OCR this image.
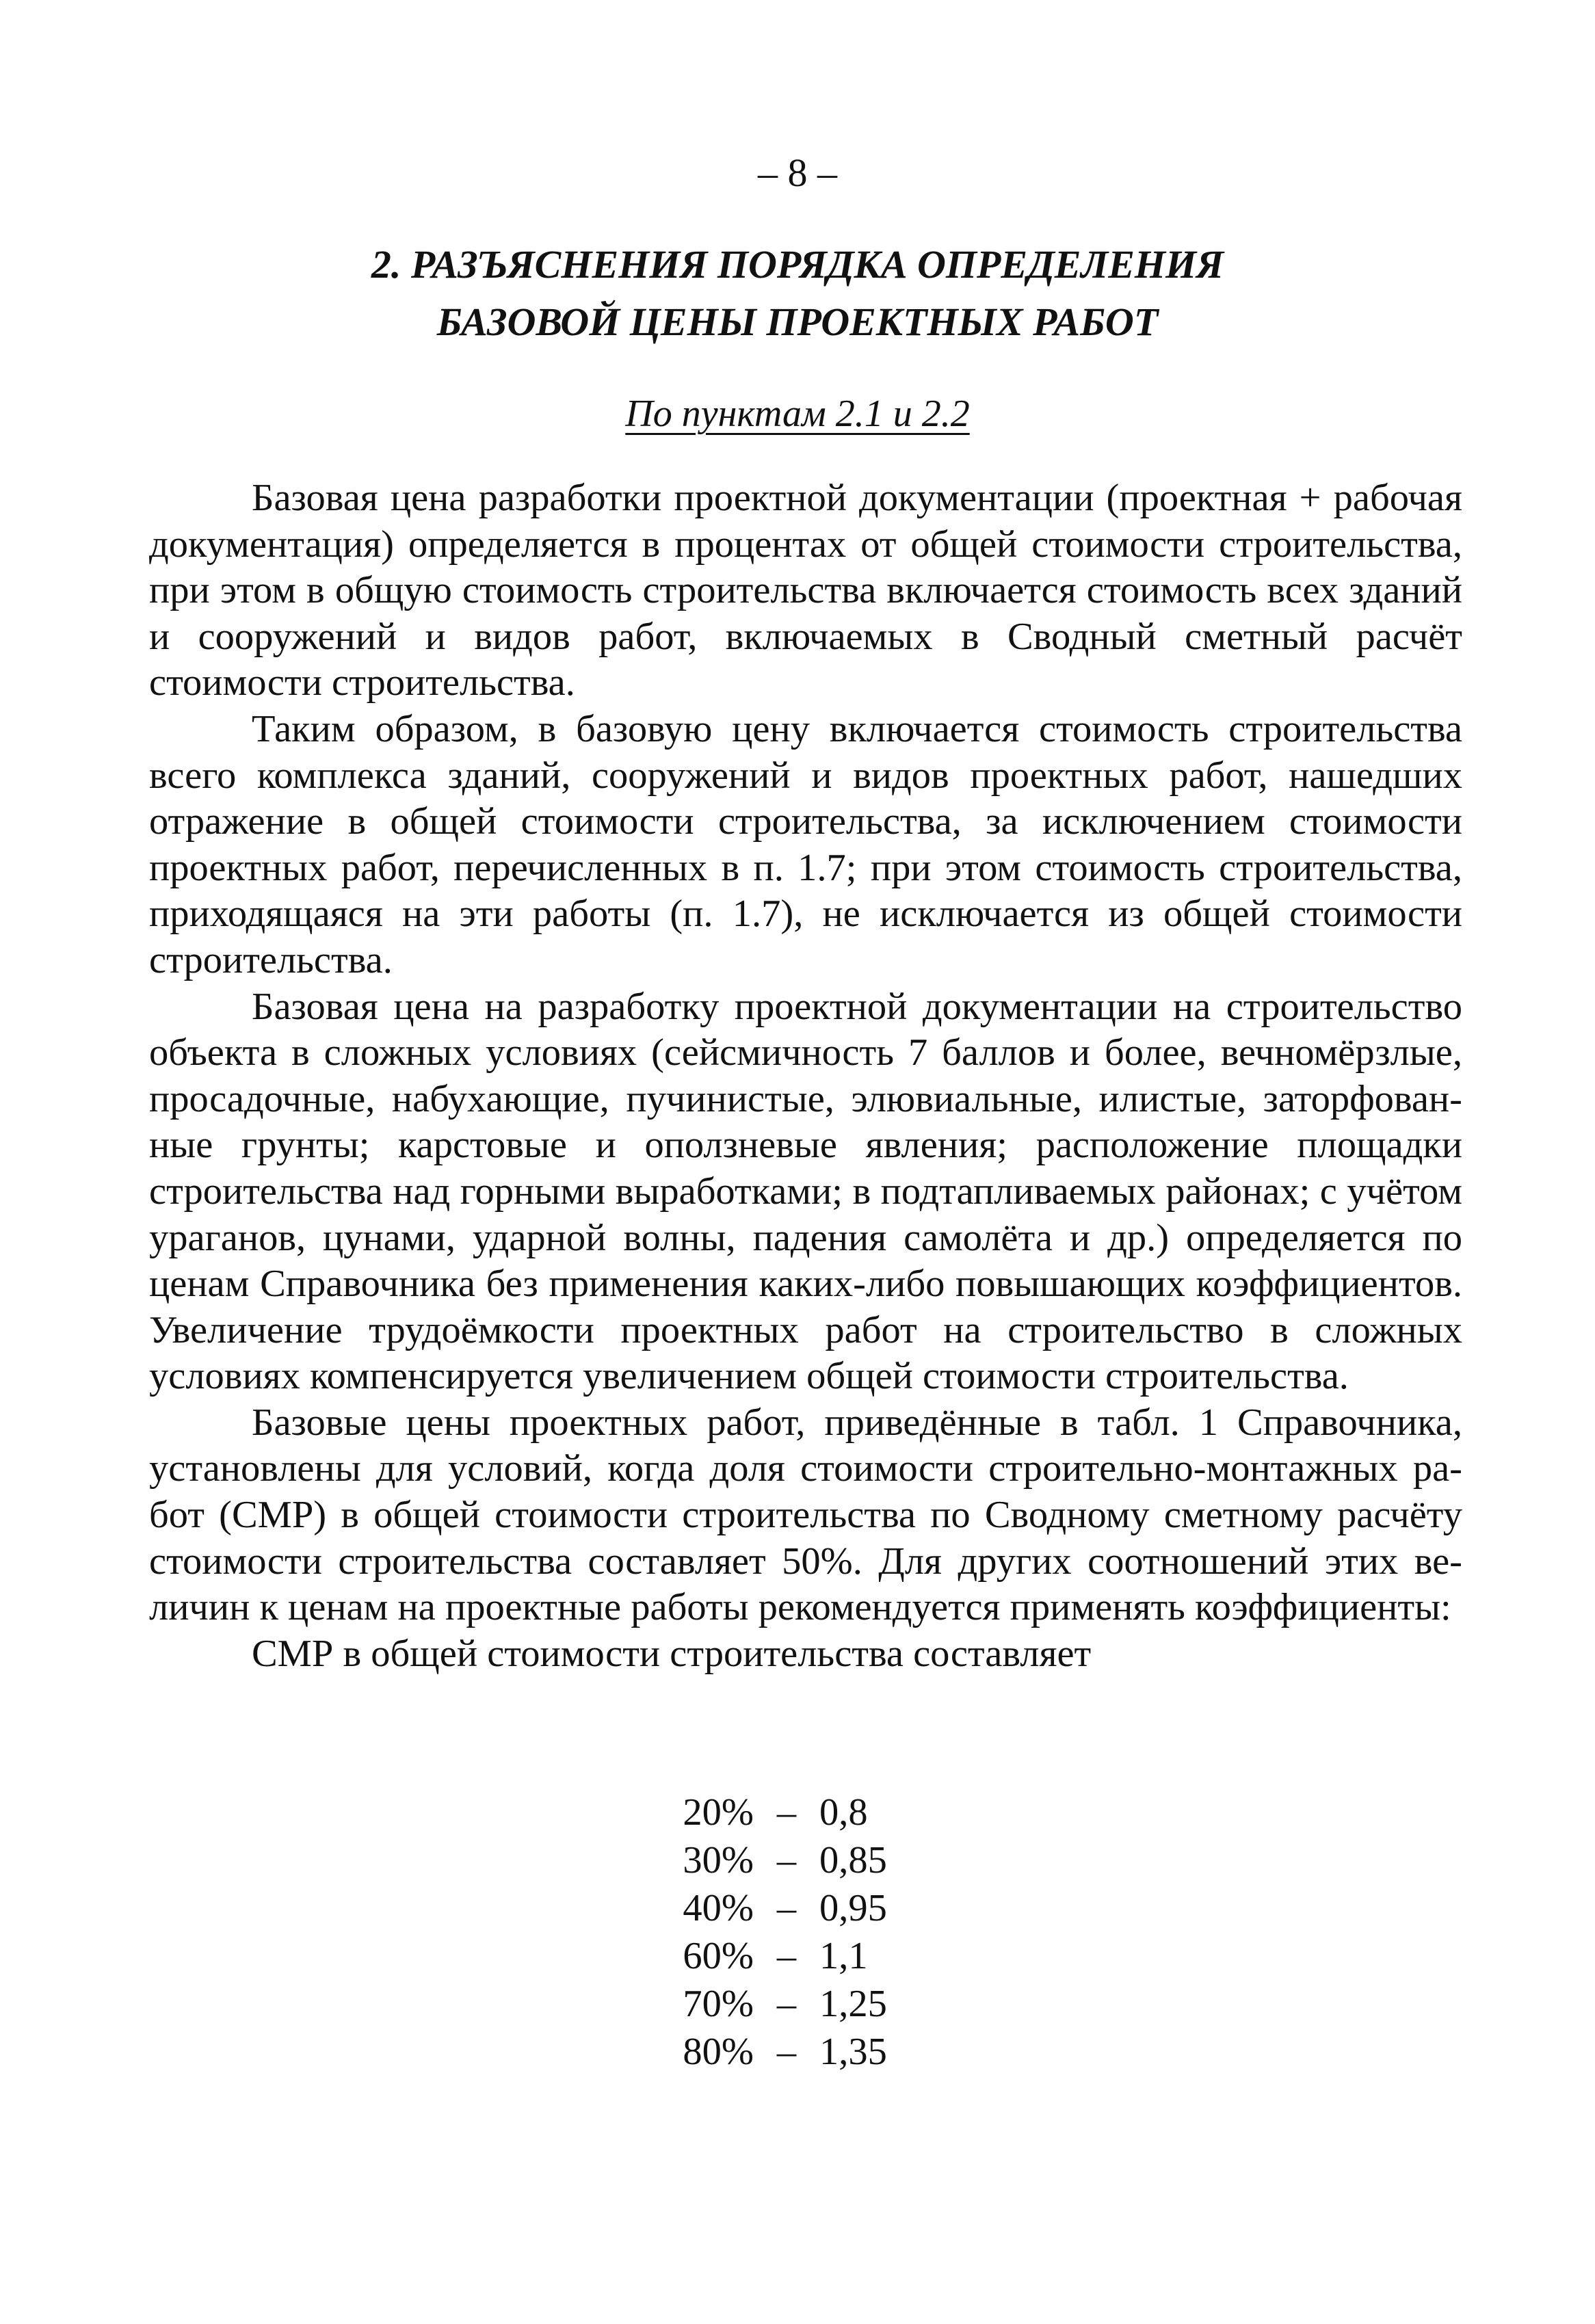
– 8 –
2. РАЗЪЯСНЕНИЯ ПОРЯДКА ОПРЕДЕЛЕНИЯ
БАЗОВОЙ ЦЕНЫ ПРОЕКТНЫХ РАБОТ
По пунктам 2.1 и 2.2

Базовая цена разработки проектной документации (проектная + рабочая документация) определяется в процентах от общей стоимости строительства, при этом в общую стоимость строительства включается стоимость всех зданий и сооружений и видов работ, включаемых в Сводный сметный расчёт стоимости строительства.

Таким образом, в базовую цену включается стоимость строительства всего комплекса зданий, сооружений и видов проектных работ, нашедших отражение в общей стоимости строительства, за исключением стоимости проектных работ, перечисленных в п. 1.7; при этом стоимость строительства, приходящаяся на эти работы (п. 1.7), не исключается из общей стоимости строительства.

Базовая цена на разработку проектной документации на строительство объекта в сложных условиях (сейсмичность 7 баллов и более, вечномёрзлые, просадочные, набухающие, пучинистые, элювиальные, илистые, заторфованные грунты; карстовые и оползневые явления; расположение площадки строительства над горными выработками; в подтапливаемых районах; с учётом ураганов, цунами, ударной волны, падения самолёта и др.) определяется по ценам Справочника без применения каких-либо повышающих коэффициентов. Увеличение трудоёмкости проектных работ на строительство в сложных условиях компенсируется увеличением общей стоимости строительства.

Базовые цены проектных работ, приведённые в табл. 1 Справочника, установлены для условий, когда доля стоимости строительно-монтажных работ (СМР) в общей стоимости строительства по Сводному сметному расчёту стоимости строительства составляет 50%. Для других соотношений этих величин к ценам на проектные работы рекомендуется применять коэффициенты:

СМР в общей стоимости строительства составляет

20% – 0,8
30% – 0,85
40% – 0,95
60% – 1,1
70% – 1,25
80% – 1,35
